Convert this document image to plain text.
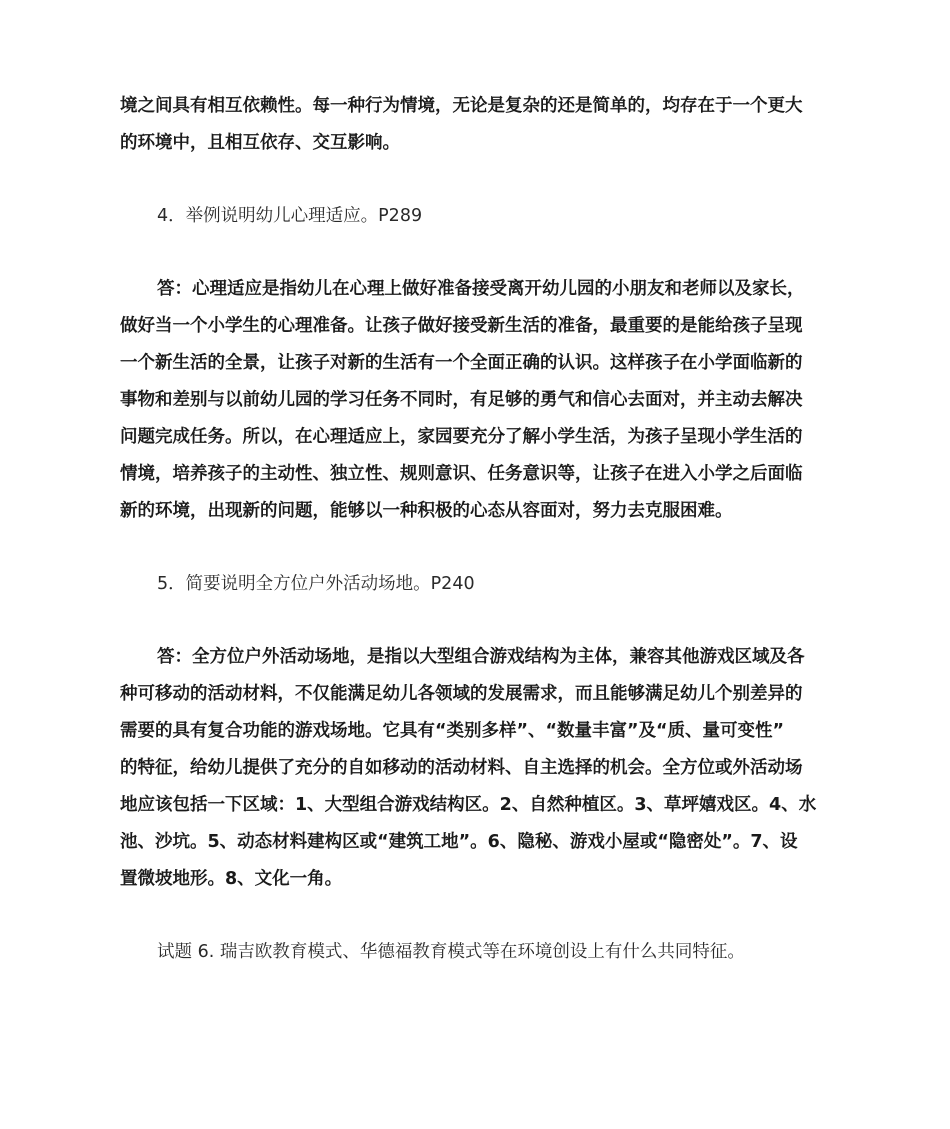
境之间具有相互依赖性。每一种行为情境，无论是复杂的还是简单的，均存在于一个更大
的环境中，且相互依存、交互影响。
4．举例说明幼儿心理适应。P289
答：心理适应是指幼儿在心理上做好准备接受离开幼儿园的小朋友和老师以及家长，
做好当一个小学生的心理准备。让孩子做好接受新生活的准备，最重要的是能给孩子呈现
一个新生活的全景，让孩子对新的生活有一个全面正确的认识。这样孩子在小学面临新的
事物和差别与以前幼儿园的学习任务不同时，有足够的勇气和信心去面对，并主动去解决
问题完成任务。所以，在心理适应上，家园要充分了解小学生活，为孩子呈现小学生活的
情境，培养孩子的主动性、独立性、规则意识、任务意识等，让孩子在进入小学之后面临
新的环境，出现新的问题，能够以一种积极的心态从容面对，努力去克服困难。
5．简要说明全方位户外活动场地。P240
答：全方位户外活动场地，是指以大型组合游戏结构为主体，兼容其他游戏区域及各
种可移动的活动材料，不仅能满足幼儿各领域的发展需求，而且能够满足幼儿个别差异的
需要的具有复合功能的游戏场地。它具有“类别多样”、“数量丰富”及“质、量可变性”
的特征，给幼儿提供了充分的自如移动的活动材料、自主选择的机会。全方位或外活动场
地应该包括一下区域：1、大型组合游戏结构区。2、自然种植区。3、草坪嬉戏区。4、水
池、沙坑。5、动态材料建构区或“建筑工地”。6、隐秘、游戏小屋或“隐密处”。7、设
置微坡地形。8、文化一角。
试题 6. 瑞吉欧教育模式、华德福教育模式等在环境创设上有什么共同特征。
